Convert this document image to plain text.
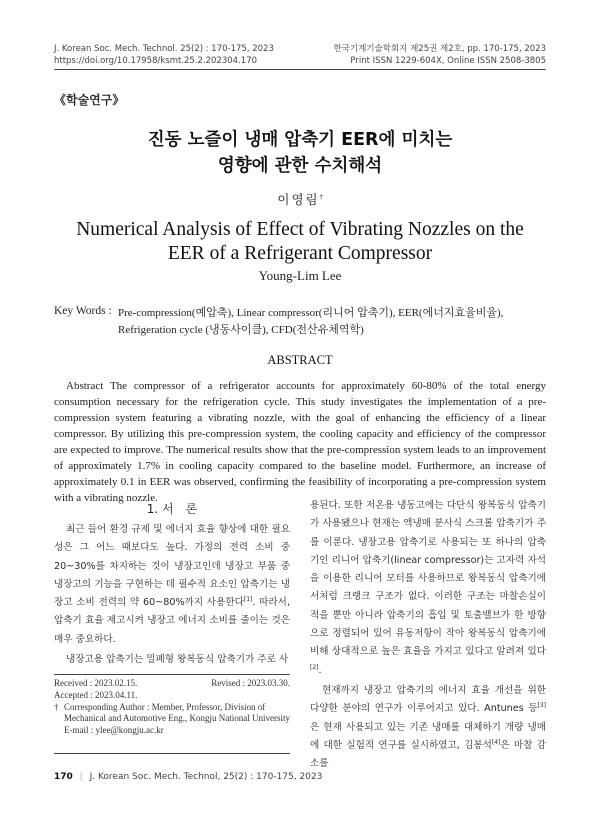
J. Korean Soc. Mech. Technol. 25(2) : 170-175, 2023
https://doi.org/10.17958/ksmt.25.2.202304.170
한국기계기술학회지 제25권 제2호, pp. 170-175, 2023
Print ISSN 1229-604X, Online ISSN 2508-3805
《학술연구》
진동 노즐이 냉매 압축기 EER에 미치는
영향에 관한 수치해석
이영림†
Numerical Analysis of Effect of Vibrating Nozzles on the
EER of a Refrigerant Compressor
Young-Lim Lee
Key Words : Pre-compression(예압축), Linear compressor(리니어 압축기), EER(에너지효율비율), Refrigeration cycle (냉동사이클), CFD(전산유체역학)
ABSTRACT
Abstract The compressor of a refrigerator accounts for approximately 60-80% of the total energy consumption necessary for the refrigeration cycle. This study investigates the implementation of a pre-compression system featuring a vibrating nozzle, with the goal of enhancing the efficiency of a linear compressor. By utilizing this pre-compression system, the cooling capacity and efficiency of the compressor are expected to improve. The numerical results show that the pre-compression system leads to an improvement of approximately 1.7% in cooling capacity compared to the baseline model. Furthermore, an increase of approximately 0.1 in EER was observed, confirming the feasibility of incorporating a pre-compression system with a vibrating nozzle.
1. 서　론

최근 들어 환경 규제 및 에너지 효율 향상에 대한 필요성은 그 어느 때보다도 높다. 가정의 전력 소비 중 20~30%를 차지하는 것이 냉장고인데 냉장고 부품 중 냉장고의 기능을 구현하는 데 필수적 요소인 압축기는 냉장고 소비 전력의 약 60~80%까지 사용한다[1]. 따라서, 압축기 효율 제고시켜 냉장고 에너지 소비를 줄이는 것은 매우 중요하다.

냉장고용 압축기는 밀폐형 왕복동식 압축기가 주로 사

용된다. 또한 저온용 냉동고에는 다단식 왕복동식 압축기가 사용됐으나 현재는 액냉매 분사식 스크롤 압축기가 주를 이룬다. 냉장고용 압축기로 사용되는 또 하나의 압축기인 리니어 압축기(linear compressor)는 고자력 자석을 이용한 리니어 모터를 사용하므로 왕복동식 압축기에서처럼 크랭크 구조가 없다. 이러한 구조는 마찰손실이 적을 뿐만 아니라 압축기의 흡입 및 토출밸브가 한 방향으로 정렬되어 있어 유동저항이 작아 왕복동식 압축기에 비해 상대적으로 높은 효율을 가지고 있다고 알려져 있다[2].

현재까지 냉장고 압축기의 에너지 효율 개선을 위한 다양한 분야의 연구가 이루어지고 있다. Antunes 등[3]은 현재 사용되고 있는 기존 냉매를 대체하기 개량 냉매에 대한 실험적 연구를 실시하였고, 김봉석[4]은 마찰 감소를

Received : 2023.02.15.	Revised : 2023.03.30.
Accepted : 2023.04.11.
† Corresponding Author : Member, Professor, Division of Mechanical and Automotive Eng., Kongju National University
E-mail : ylee@kongju.ac.kr
170 | J. Korean Soc. Mech. Technol, 25(2) : 170-175, 2023
